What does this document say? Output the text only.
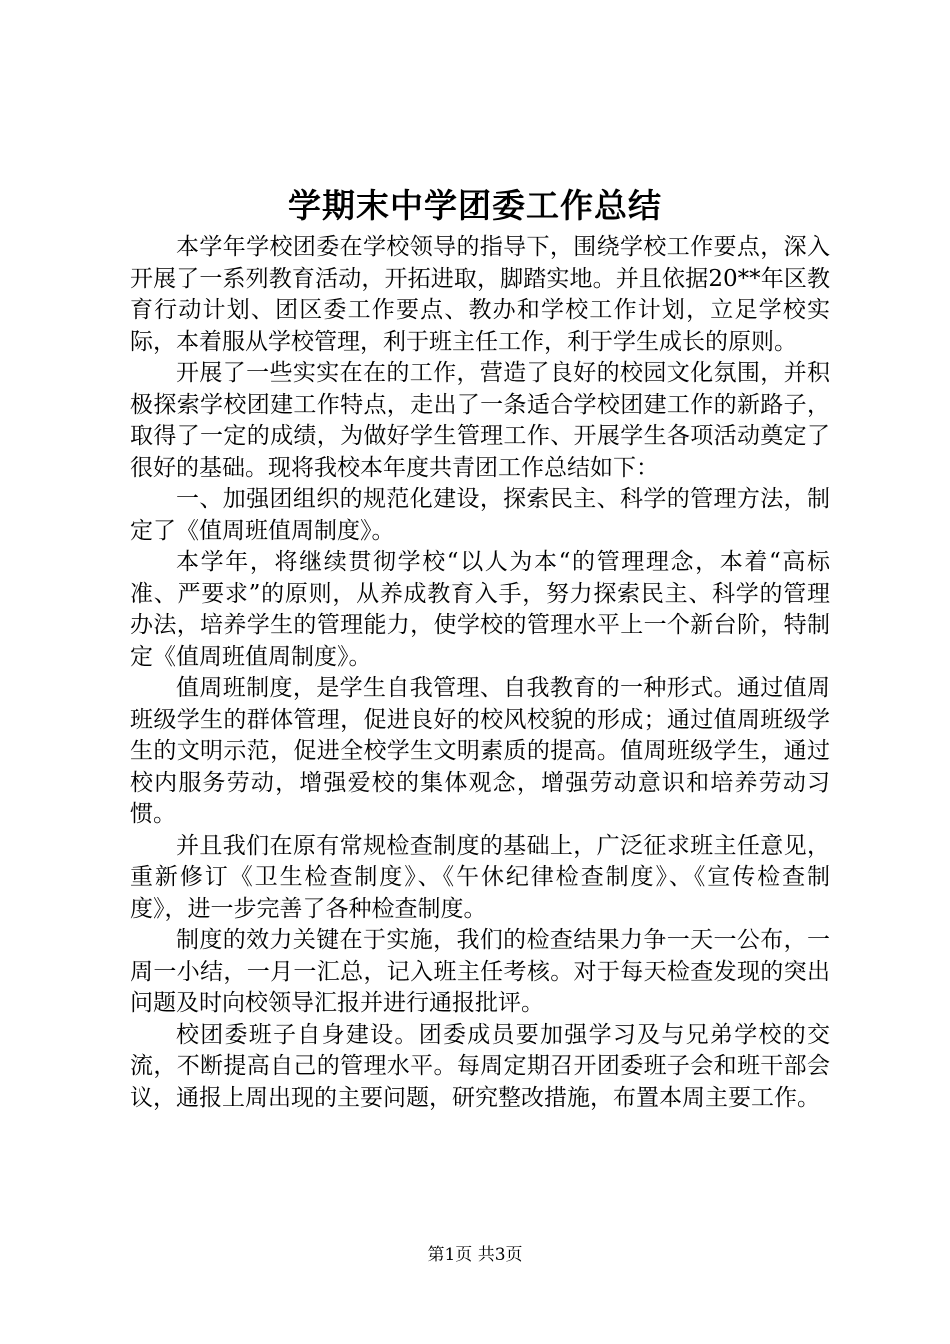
学期末中学团委工作总结

本学年学校团委在学校领导的指导下，围绕学校工作要点，深入开展了一系列教育活动，开拓进取，脚踏实地。并且依据20**年区教育行动计划、团区委工作要点、教办和学校工作计划，立足学校实际，本着服从学校管理，利于班主任工作，利于学生成长的原则。

开展了一些实实在在的工作，营造了良好的校园文化氛围，并积极探索学校团建工作特点，走出了一条适合学校团建工作的新路子，取得了一定的成绩，为做好学生管理工作、开展学生各项活动奠定了很好的基础。现将我校本年度共青团工作总结如下：

一、加强团组织的规范化建设，探索民主、科学的管理方法，制定了《值周班值周制度》。

本学年，将继续贯彻学校“以人为本“的管理理念，本着“高标准、严要求”的原则，从养成教育入手，努力探索民主、科学的管理办法，培养学生的管理能力，使学校的管理水平上一个新台阶，特制定《值周班值周制度》。

值周班制度，是学生自我管理、自我教育的一种形式。通过值周班级学生的群体管理，促进良好的校风校貌的形成；通过值周班级学生的文明示范，促进全校学生文明素质的提高。值周班级学生，通过校内服务劳动，增强爱校的集体观念，增强劳动意识和培养劳动习惯。

并且我们在原有常规检查制度的基础上，广泛征求班主任意见，重新修订《卫生检查制度》、《午休纪律检查制度》、《宣传检查制度》，进一步完善了各种检查制度。

制度的效力关键在于实施，我们的检查结果力争一天一公布，一周一小结，一月一汇总，记入班主任考核。对于每天检查发现的突出问题及时向校领导汇报并进行通报批评。

校团委班子自身建设。团委成员要加强学习及与兄弟学校的交流，不断提高自己的管理水平。每周定期召开团委班子会和班干部会议，通报上周出现的主要问题，研究整改措施，布置本周主要工作。

第1页 共3页
